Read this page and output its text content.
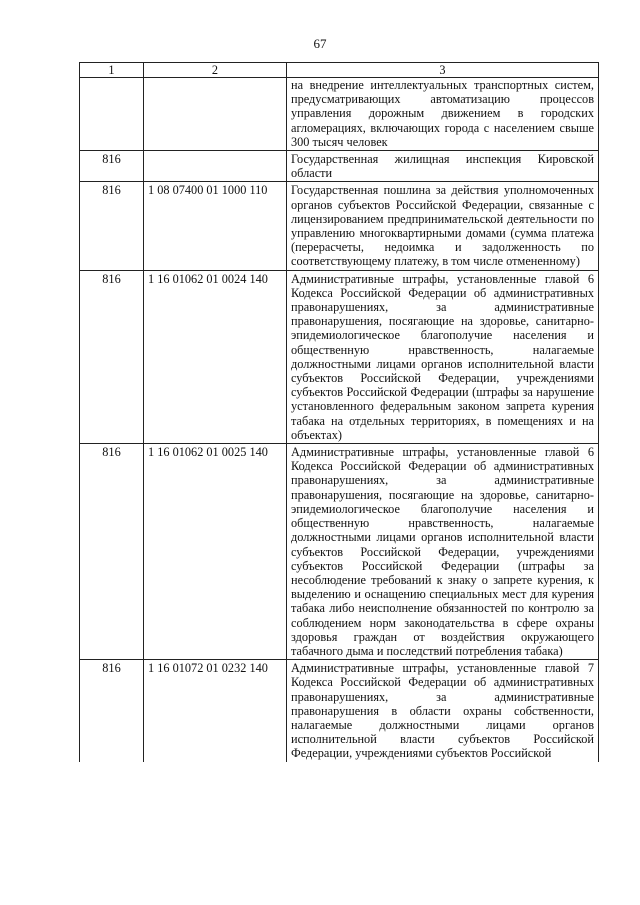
67
1	2	3
		на внедрение интеллектуальных транспортных систем, предусматривающих автоматизацию процессов управления дорожным движением в городских агломерациях, включающих города с населением свыше 300 тысяч человек
816		Государственная жилищная инспекция Кировской области
816	1 08 07400 01 1000 110	Государственная пошлина за действия уполномоченных органов субъектов Российской Федерации, связанные с лицензированием предпринимательской деятельности по управлению многоквартирными домами (сумма платежа (перерасчеты, недоимка и задолженность по соответствующему платежу, в том числе отмененному)
816	1 16 01062 01 0024 140	Административные штрафы, установленные главой 6 Кодекса Российской Федерации об административных правонарушениях, за административные правонарушения, посягающие на здоровье, санитарно-эпидемиологическое благополучие населения и общественную нравственность, налагаемые должностными лицами органов исполнительной власти субъектов Российской Федерации, учреждениями субъектов Российской Федерации (штрафы за нарушение установленного федеральным законом запрета курения табака на отдельных территориях, в помещениях и на объектах)
816	1 16 01062 01 0025 140	Административные штрафы, установленные главой 6 Кодекса Российской Федерации об административных правонарушениях, за административные правонарушения, посягающие на здоровье, санитарно-эпидемиологическое благополучие населения и общественную нравственность, налагаемые должностными лицами органов исполнительной власти субъектов Российской Федерации, учреждениями субъектов Российской Федерации (штрафы за несоблюдение требований к знаку о запрете курения, к выделению и оснащению специальных мест для курения табака либо неисполнение обязанностей по контролю за соблюдением норм законодательства в сфере охраны здоровья граждан от воздействия окружающего табачного дыма и последствий потребления табака)
816	1 16 01072 01 0232 140	Административные штрафы, установленные главой 7 Кодекса Российской Федерации об административных правонарушениях, за административные правонарушения в области охраны собственности, налагаемые должностными лицами органов исполнительной власти субъектов Российской Федерации, учреждениями субъектов Российской
